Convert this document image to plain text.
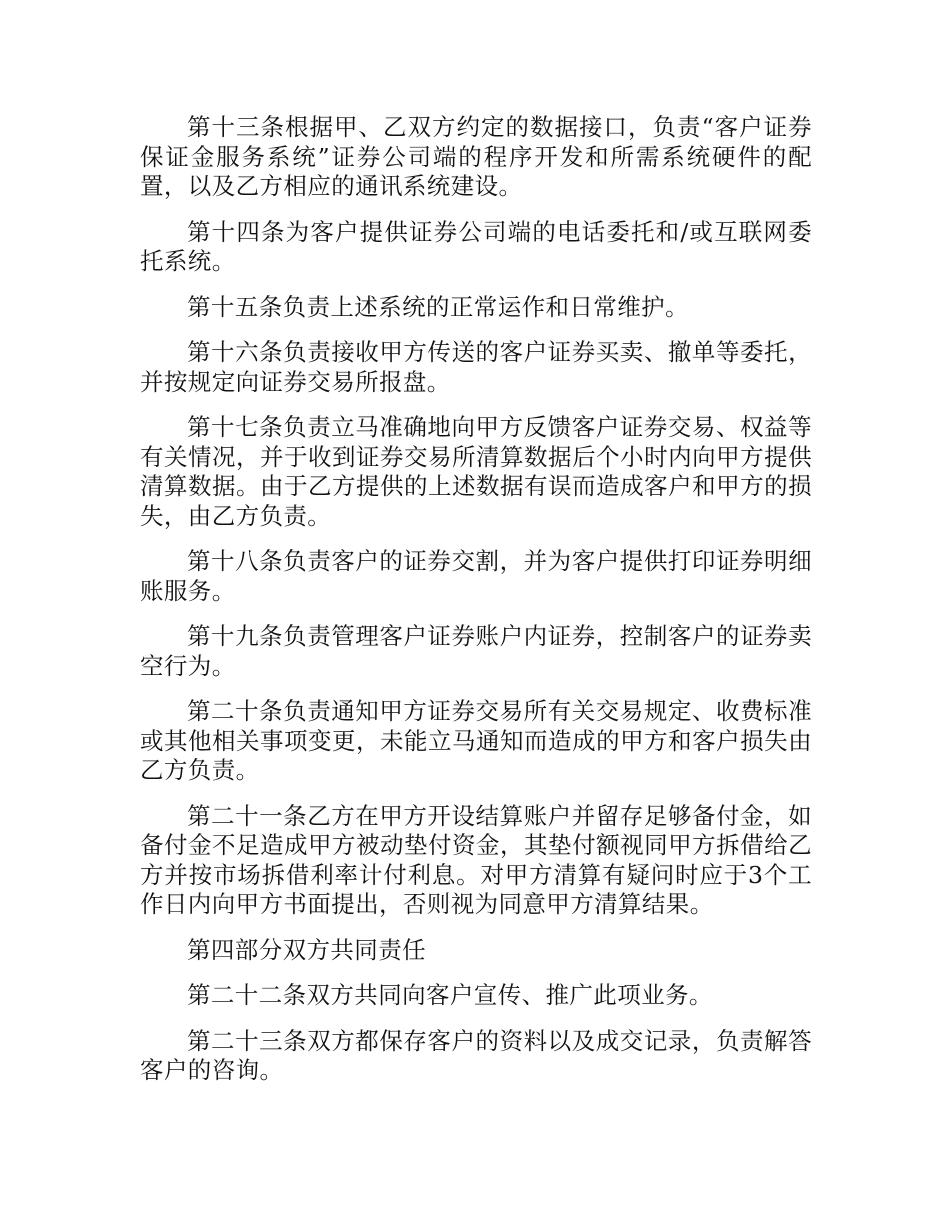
第十三条根据甲、乙双方约定的数据接口，负责“客户证券保证金服务系统”证券公司端的程序开发和所需系统硬件的配置，以及乙方相应的通讯系统建设。

第十四条为客户提供证券公司端的电话委托和/或互联网委托系统。

第十五条负责上述系统的正常运作和日常维护。

第十六条负责接收甲方传送的客户证券买卖、撤单等委托，并按规定向证券交易所报盘。

第十七条负责立马准确地向甲方反馈客户证券交易、权益等有关情况，并于收到证券交易所清算数据后个小时内向甲方提供清算数据。由于乙方提供的上述数据有误而造成客户和甲方的损失，由乙方负责。

第十八条负责客户的证券交割，并为客户提供打印证券明细账服务。

第十九条负责管理客户证券账户内证券，控制客户的证券卖空行为。

第二十条负责通知甲方证券交易所有关交易规定、收费标准或其他相关事项变更，未能立马通知而造成的甲方和客户损失由乙方负责。

第二十一条乙方在甲方开设结算账户并留存足够备付金，如备付金不足造成甲方被动垫付资金，其垫付额视同甲方拆借给乙方并按市场拆借利率计付利息。对甲方清算有疑问时应于3个工作日内向甲方书面提出，否则视为同意甲方清算结果。

第四部分双方共同责任

第二十二条双方共同向客户宣传、推广此项业务。

第二十三条双方都保存客户的资料以及成交记录，负责解答客户的咨询。
